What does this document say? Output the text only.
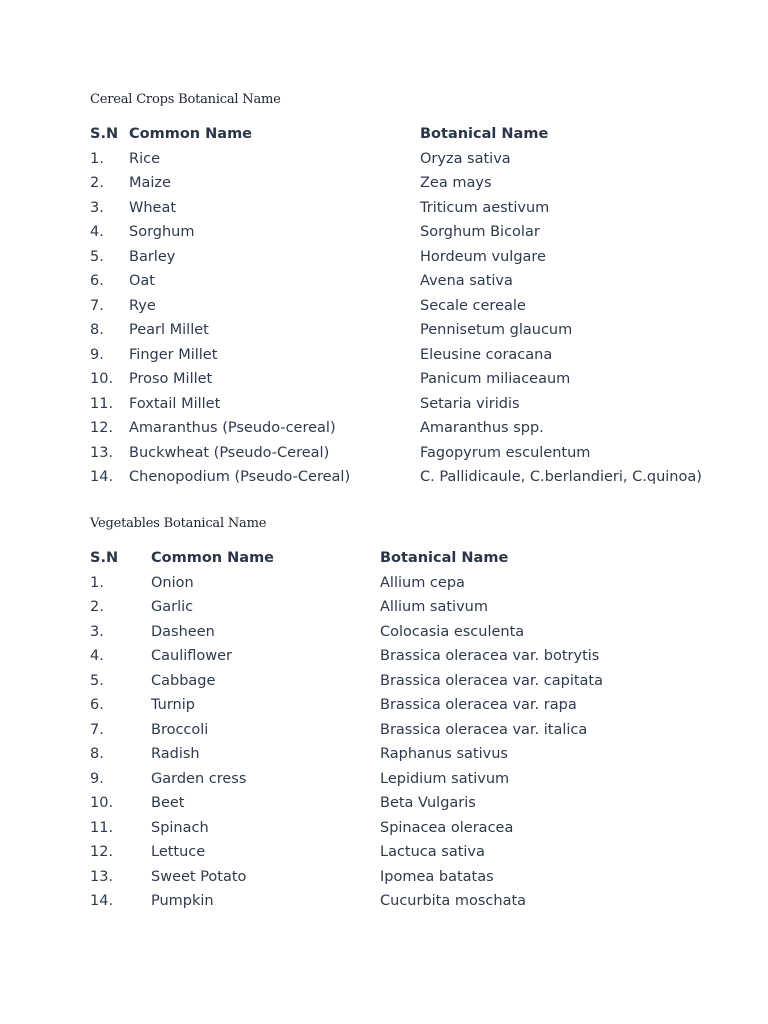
Cereal Crops Botanical Name
S.N Common Name	Botanical Name
1. Rice	Oryza sativa
2. Maize	Zea mays
3. Wheat	Triticum aestivum
4. Sorghum	Sorghum Bicolar
5. Barley	Hordeum vulgare
6. Oat	Avena sativa
7. Rye	Secale cereale
8. Pearl Millet	Pennisetum glaucum
9. Finger Millet	Eleusine coracana
10. Proso Millet	Panicum miliaceaum
11. Foxtail Millet	Setaria viridis
12. Amaranthus (Pseudo-cereal)	Amaranthus spp.
13. Buckwheat (Pseudo-Cereal)	Fagopyrum esculentum
14. Chenopodium (Pseudo-Cereal)	C. Pallidicaule, C.berlandieri, C.quinoa)
Vegetables Botanical Name
S.N Common Name	Botanical Name
1.	Onion	Allium cepa
2.	Garlic	Allium sativum
3.	Dasheen	Colocasia esculenta
4.	Cauliflower	Brassica oleracea var. botrytis
5.	Cabbage	Brassica oleracea var. capitata
6.	Turnip	Brassica oleracea var. rapa
7.	Broccoli	Brassica oleracea var. italica
8.	Radish	Raphanus sativus
9.	Garden cress	Lepidium sativum
10.	Beet	Beta Vulgaris
11.	Spinach	Spinacea oleracea
12.	Lettuce	Lactuca sativa
13.	Sweet Potato	Ipomea batatas
14.	Pumpkin	Cucurbita moschata
